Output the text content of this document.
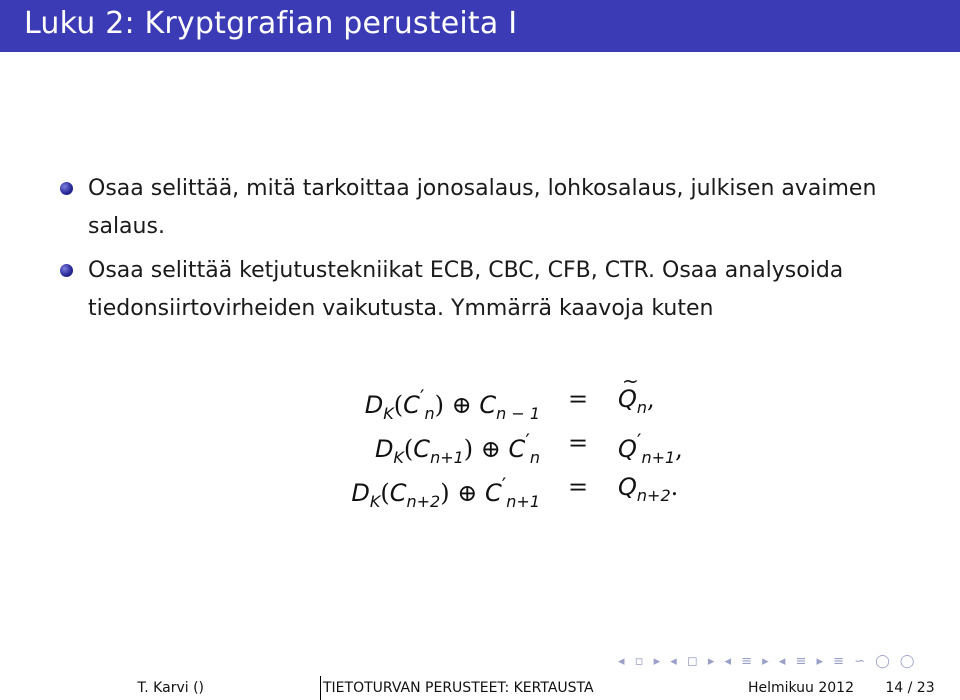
Luku 2: Kryptgrafian perusteita I
Osaa selittää, mitä tarkoittaa jonosalaus, lohkosalaus, julkisen avaimen salaus.
Osaa selittää ketjutustekniikat ECB, CBC, CFB, CTR. Osaa analysoida tiedonsiirtovirheiden vaikutusta. Ymmärrä kaavoja kuten
$D_K(C'_n)$ ⊕ $C_{n - 1}$
=
~ $Q_n$,
$D_K(C_{n+1})$ ⊕ $C'_n$
= $Q'_{n+1}$,
$D_K(C_{n+2})$ ⊕ $C'_{n+1}$
= $Q_{n+2}$.
◂ ▫ ▸ ◂ ◻ ▸ ◂ ≡ ▸ ◂ ≡ ▸ ≡ ∽ ◯ ◯
T. Karvi ()	TIETOTURVAN PERUSTEET: KERTAUSTA	Helmikuu 2012	14 / 23
